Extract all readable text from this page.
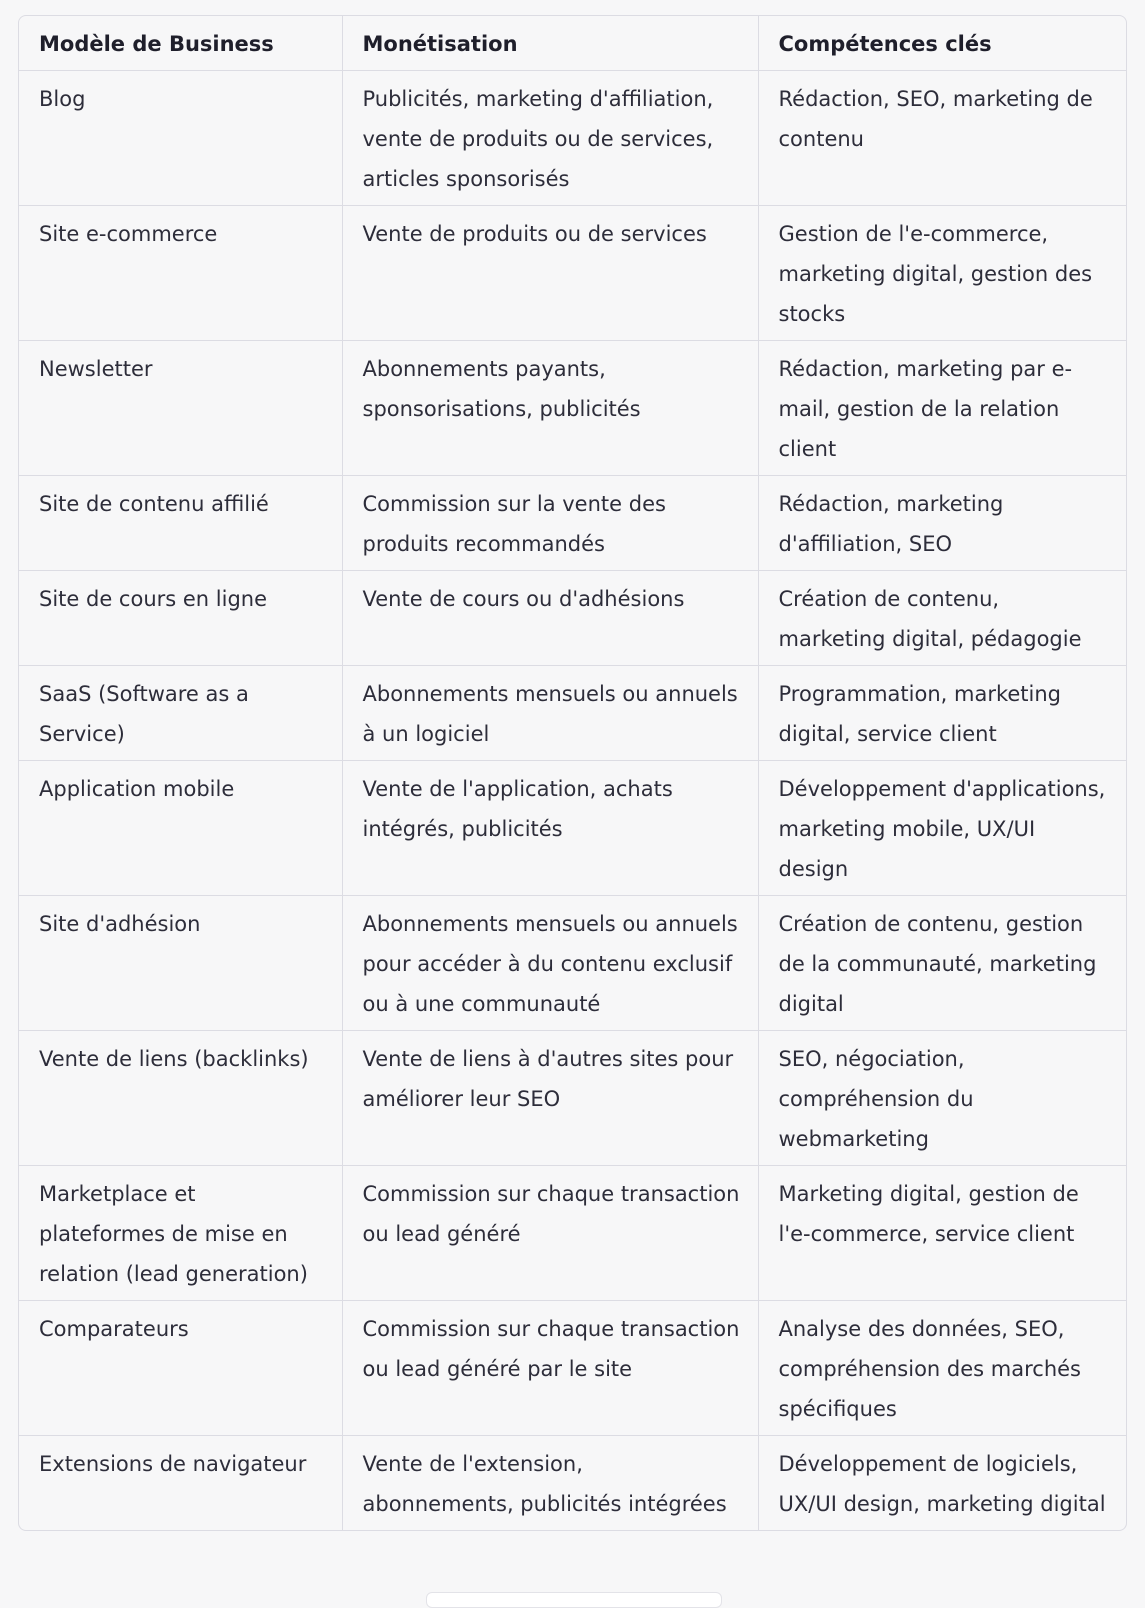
Modèle de Business	Monétisation	Compétences clés
Blog	Publicités, marketing d'affiliation, vente de produits ou de services, articles sponsorisés	Rédaction, SEO, marketing de contenu
Site e-commerce	Vente de produits ou de services	Gestion de l'e-commerce, marketing digital, gestion des stocks
Newsletter	Abonnements payants, sponsorisations, publicités	Rédaction, marketing par e-mail, gestion de la relation client
Site de contenu affilié	Commission sur la vente des produits recommandés	Rédaction, marketing d'affiliation, SEO
Site de cours en ligne	Vente de cours ou d'adhésions	Création de contenu, marketing digital, pédagogie
SaaS (Software as a Service)	Abonnements mensuels ou annuels à un logiciel	Programmation, marketing digital, service client
Application mobile	Vente de l'application, achats intégrés, publicités	Développement d'applications, marketing mobile, UX/UI design
Site d'adhésion	Abonnements mensuels ou annuels pour accéder à du contenu exclusif ou à une communauté	Création de contenu, gestion de la communauté, marketing digital
Vente de liens (backlinks)	Vente de liens à d'autres sites pour améliorer leur SEO	SEO, négociation, compréhension du webmarketing
Marketplace et plateformes de mise en relation (lead generation)	Commission sur chaque transaction ou lead généré	Marketing digital, gestion de l'e-commerce, service client
Comparateurs	Commission sur chaque transaction ou lead généré par le site	Analyse des données, SEO, compréhension des marchés spécifiques
Extensions de navigateur	Vente de l'extension, abonnements, publicités intégrées	Développement de logiciels, UX/UI design, marketing digital
